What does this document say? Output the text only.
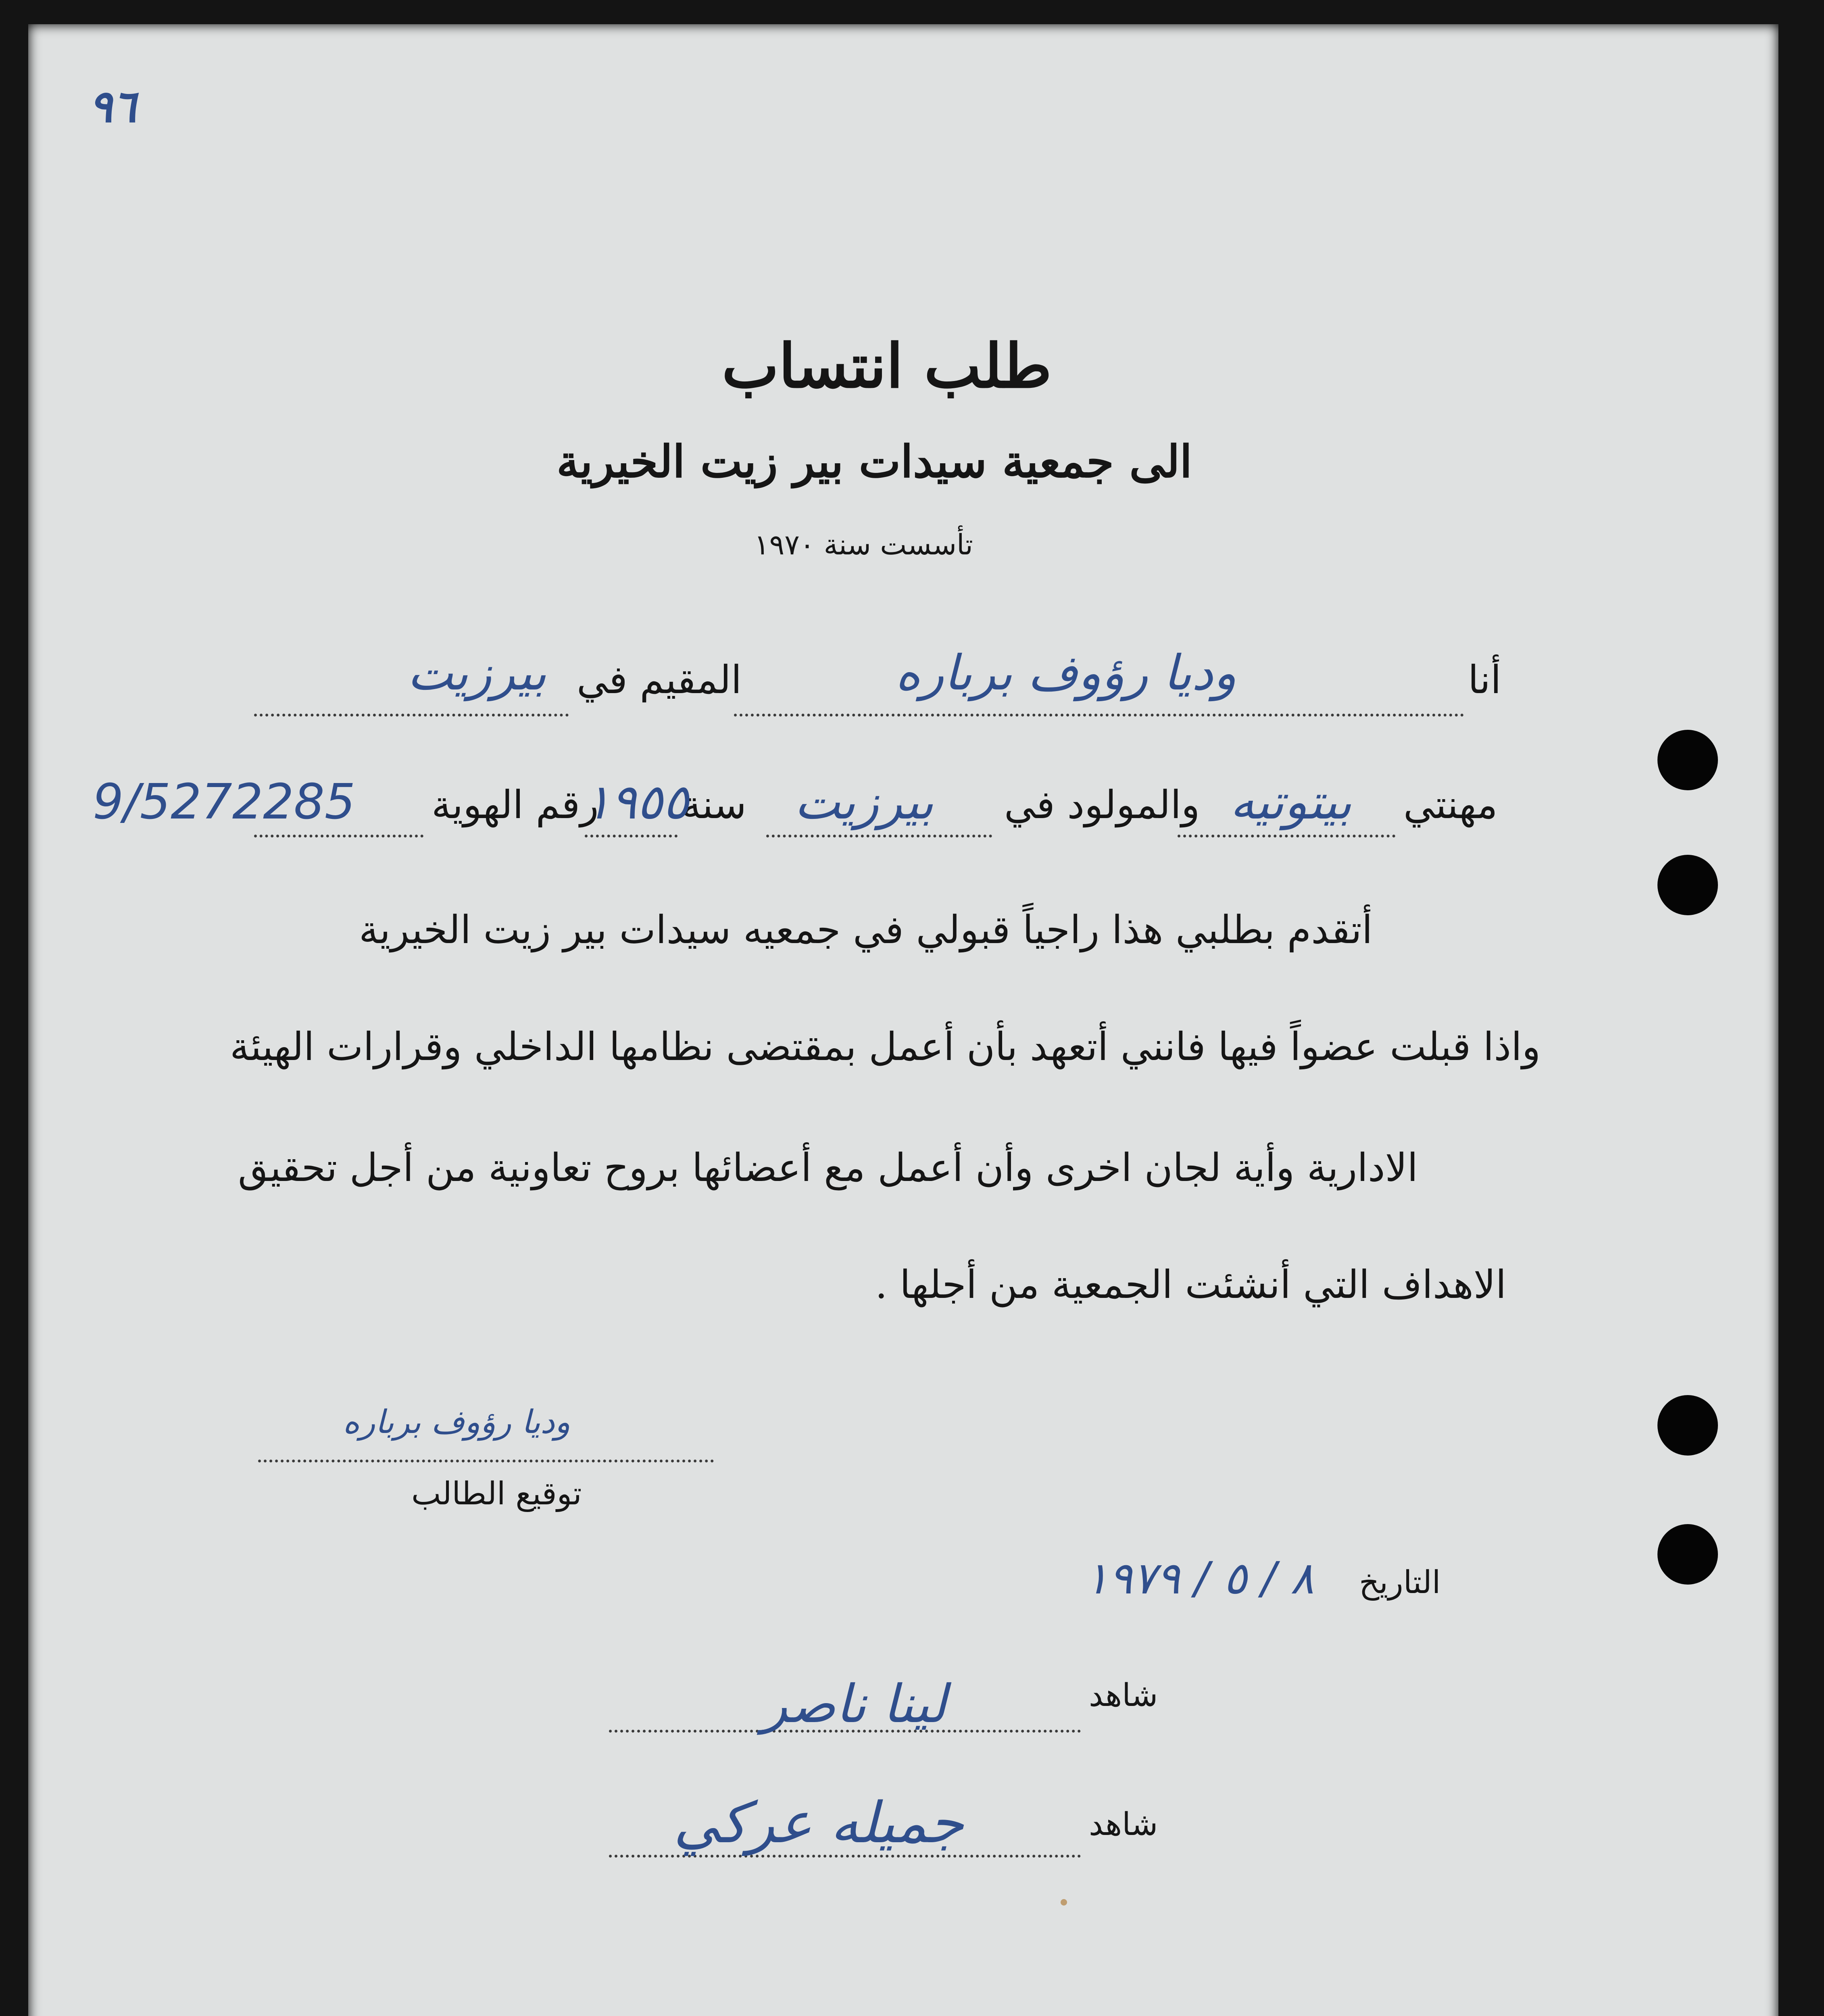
٩٦
طلب انتساب
الى جمعية سيدات بير زيت الخيرية
تأسست سنة ١٩٧٠
أنا
وديا رؤوف برباره
المقيم في
بيرزيت
مهنتي
بيتوتيه
والمولود في
بيرزيت
سنة
١٩٥٥
رقم الهوية
9/5272285
أتقدم بطلبي هذا راجياً قبولي في جمعيه سيدات بير زيت الخيرية
واذا قبلت عضواً فيها فانني أتعهد بأن أعمل بمقتضى نظامها الداخلي وقرارات الهيئة
الادارية وأية لجان اخرى وأن أعمل مع أعضائها بروح تعاونية من أجل تحقيق
الاهداف التي أنشئت الجمعية من أجلها .
وديا رؤوف برباره
توقيع الطالب
التاريخ
٨ / ٥ / ١٩٧٩
شاهد
لينا ناصر
شاهد
جميله عركي
